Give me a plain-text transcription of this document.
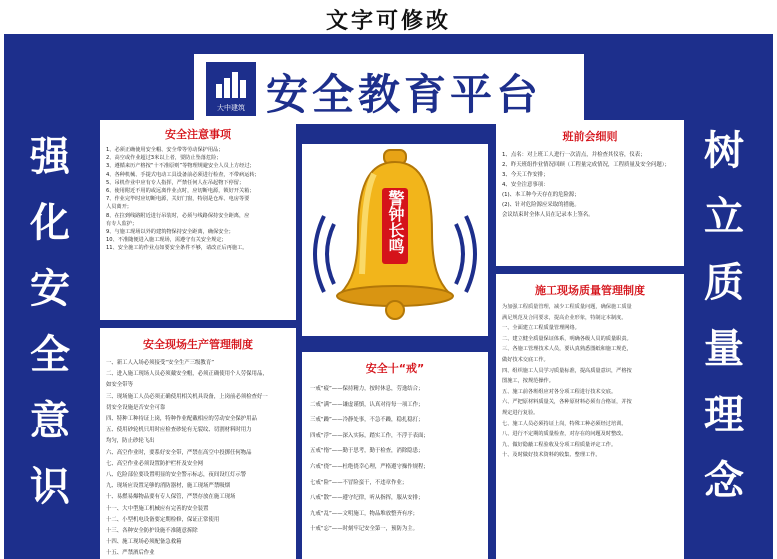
文字可修改
强
化
安
全
意
识
树
立
质
量
理
念
大中建筑 安全教育平台
安全注意事项

1、必须正确使用安全帽、安全带等劳动保护用品；

2、高空或作业超过3米以上者，要防止坠落危险；

3、遵循来历产格按“十不准原则”等物理规避安全人员上方经过；

4、各种机械、手提式电动工具设备前必须进行检查，不带病运转；

5、吊机作业中应有专人指挥，严禁任何人在吊起物下停留；

6、使用附近不用的或远离作业点时，应切断电源，锁好开关箱；

7、作业完毕时应切断电源，关好门窗，特别是仓库、电房等要

人员离开；

8、在拉到线路附近进行吊装时，必须与线路保持安全距离，应

有专人监护；

9、与施工现场以外的建筑物保持安全距离，确保安全；

10、不准随便进入施工现场，需遵守有关安全规定；

11、安全施工的作业点如要安全条件不够，请改正后再施工。

安全现场生产管理制度

一、新工人入场必须接受“安全生产三级教育”

二、进入施工现场人员必须戴安全帽，必须正确使用个人劳保用品，

如安全带等

三、现场施工人员必须正确使用相关机具设备，上岗前必须检查好一

切安全设施是否安全可靠

四、特种工种持证上岗，特种作业配戴相应的劳动安全保护用品

五、使用砂轮机只用时应检查砂轮有无裂纹、切割材料时用力

均匀，防止砂轮飞出

六、高空作业时，要系好安全带，严禁在高空中投掷任何物品

七、高空作业必须设置防护栏杆及安全网

八、危险部位要设置明显的安全警示标志，夜间设红灯示警

九、现场应设置足够的消防器材，施工现场严禁吸烟

十、易燃易爆物品要有专人保管，严禁存放在施工现场

十一、大中型施工机械应有完善的安全装置

十二、小型机电设备要定期检修，保证正常使用

十三、各种安全防护设施不准随意拆除

十四、施工现场必须配备急救箱

十五、严禁酒后作业

警钟长鸣
安全十“戒”

一戒“疲”——保持精力，按时休息，劳逸结合；

二戒“满”——谦虚谨慎，认真对待每一项工作；

三戒“躁”——冷静处事，不急不躁，稳扎稳打；

四戒“浮”——深入实际，踏实工作，不浮于表面；

五戒“惰”——勤于思考，勤于检查，消除隐患；

六戒“侥”——杜绝侥幸心理，严格遵守操作规程；

七戒“险”——不冒险蛮干，不违章作业；

八戒“散”——遵守纪律，听从指挥，服从安排；

九戒“乱”——文明施工，物品堆放整齐有序；

十戒“忘”——时刻牢记安全第一，预防为主。

班前会细则

1、点名：对上班工人进行一次清点，并检查其仪容，仪表；

2、昨天班组作业情况回顾（工程量完成情况，工程质量及安全问题）；

3、今天工作安排；

4、安全注意事项：

(1)、本工种今天存在的危险源；

(2)、针对危险源应采取的措施。

会议结束时全体人员在记录本上签名。

施工现场质量管理制度

为加强工程质量管理，减少工程质量问题，确保施工质量

满足规范及合同要求，提高企业形象，特制定本制度。

一、全面建立工程质量管理网络。

二、建立健全质量保证体系，明确各级人员的质量职责。

三、各施工管理技术人员，要认真熟悉图纸和施工规范，

做好技术交底工作。

四、组织施工人员学习质量标准，提高质量意识，严格按

图施工，按规范操作。

五、施工前各班组应对各分项工程进行技术交底。

六、严把原材料质量关，各种原材料必须有合格证，并按

规定进行复验。

七、施工人员必须持证上岗，特殊工种必须经过培训。

八、进行不定期的质量检查，对存在的问题及时整改。

九、做好隐蔽工程验收及分项工程质量评定工作。

十、及时做好技术资料的收集、整理工作。
